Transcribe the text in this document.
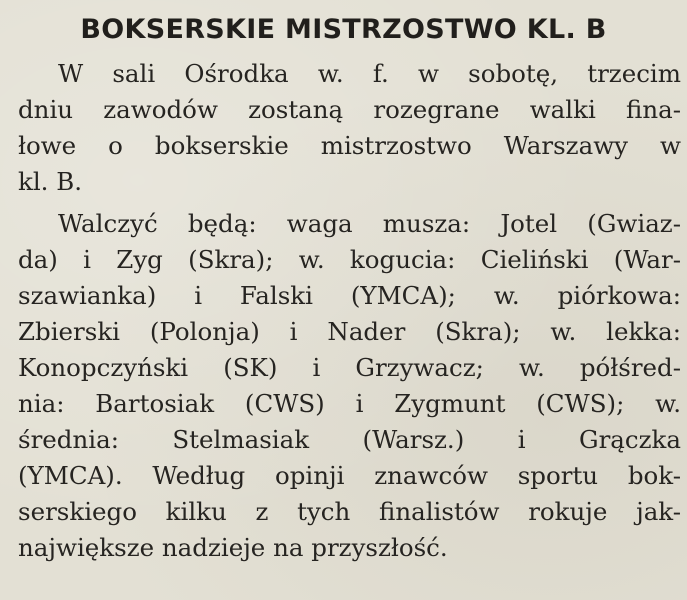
BOKSERSKIE MISTRZOSTWO KL. B
W sali Ośrodka w. f. w sobotę, trzecim
dniu zawodów zostaną rozegrane walki fina-
łowe o bokserskie mistrzostwo Warszawy w
kl. B.
Walczyć będą: waga musza: Jotel (Gwiaz-
da) i Zyg (Skra); w. kogucia: Cieliński (War-
szawianka) i Falski (YMCA); w. piórkowa:
Zbierski (Polonja) i Nader (Skra); w. lekka:
Konopczyński (SK) i Grzywacz; w. półśred-
nia: Bartosiak (CWS) i Zygmunt (CWS); w.
średnia: Stelmasiak (Warsz.) i Grączka
(YMCA). Według opinji znawców sportu bok-
serskiego kilku z tych finalistów rokuje jak-
największe nadzieje na przyszłość.
